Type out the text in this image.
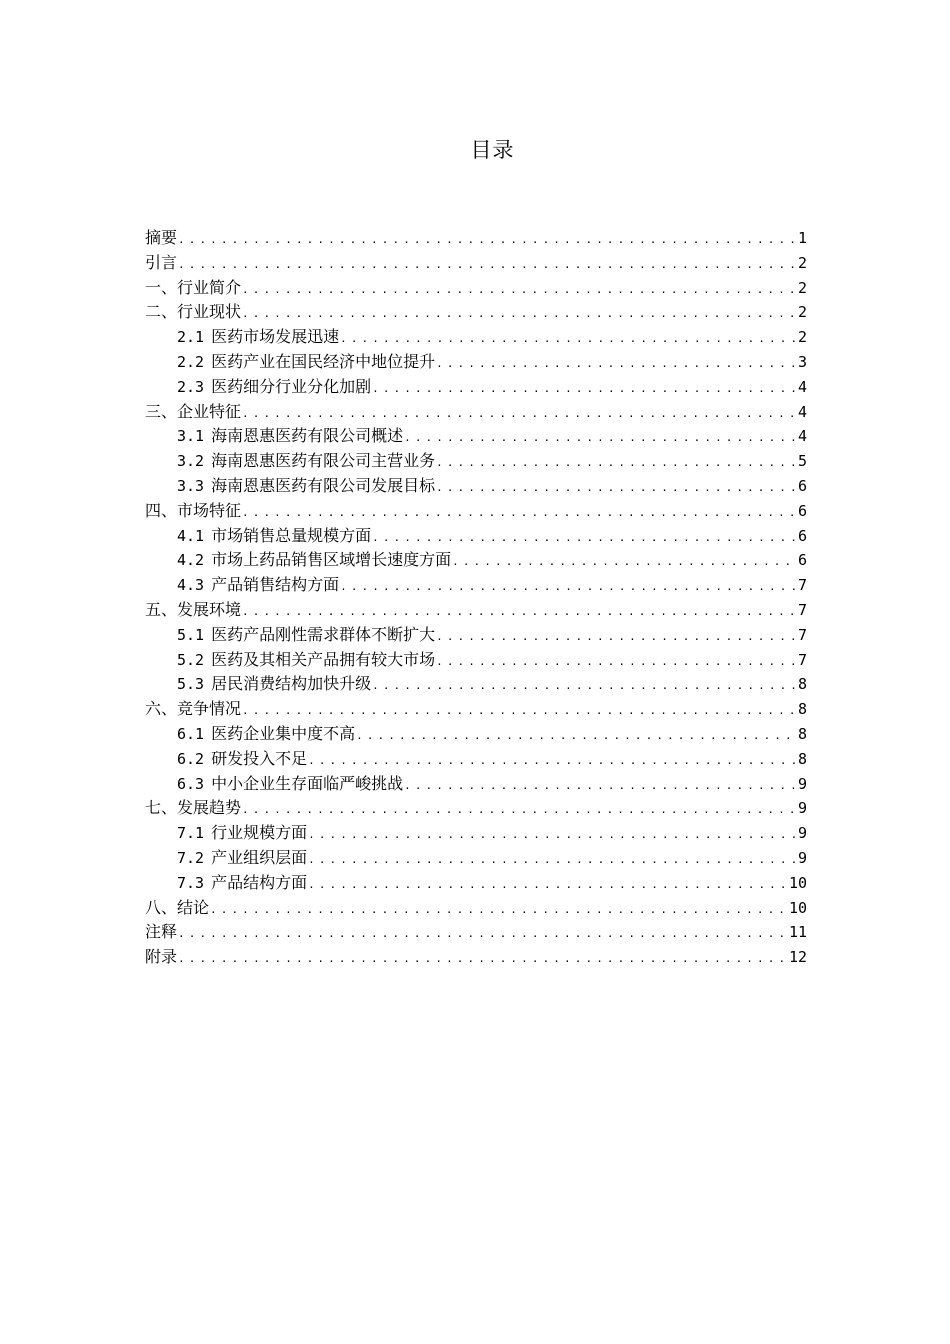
目录
摘要 .....	1
引言 .....	2
一、行业简介 .....	2
二、行业现状 .....	2
2.1 医药市场发展迅速 .....	2
2.2 医药产业在国民经济中地位提升 .....	3
2.3 医药细分行业分化加剧 .....	4
三、企业特征 .....	4
3.1 海南恩惠医药有限公司概述 .....	4
3.2 海南恩惠医药有限公司主营业务 .....	5
3.3 海南恩惠医药有限公司发展目标 .....	6
四、市场特征 .....	6
4.1 市场销售总量规模方面 .....	6
4.2 市场上药品销售区域增长速度方面 .....	6
4.3 产品销售结构方面 .....	7
五、发展环境 .....	7
5.1 医药产品刚性需求群体不断扩大 .....	7
5.2 医药及其相关产品拥有较大市场 .....	7
5.3 居民消费结构加快升级 .....	8
六、竞争情况 .....	8
6.1 医药企业集中度不高 .....	8
6.2 研发投入不足 .....	8
6.3 中小企业生存面临严峻挑战 .....	9
七、发展趋势 .....	9
7.1 行业规模方面 .....	9
7.2 产业组织层面 .....	9
7.3 产品结构方面 .....	10
八、结论 .....	10
注释 .....	11
附录 .....	12
